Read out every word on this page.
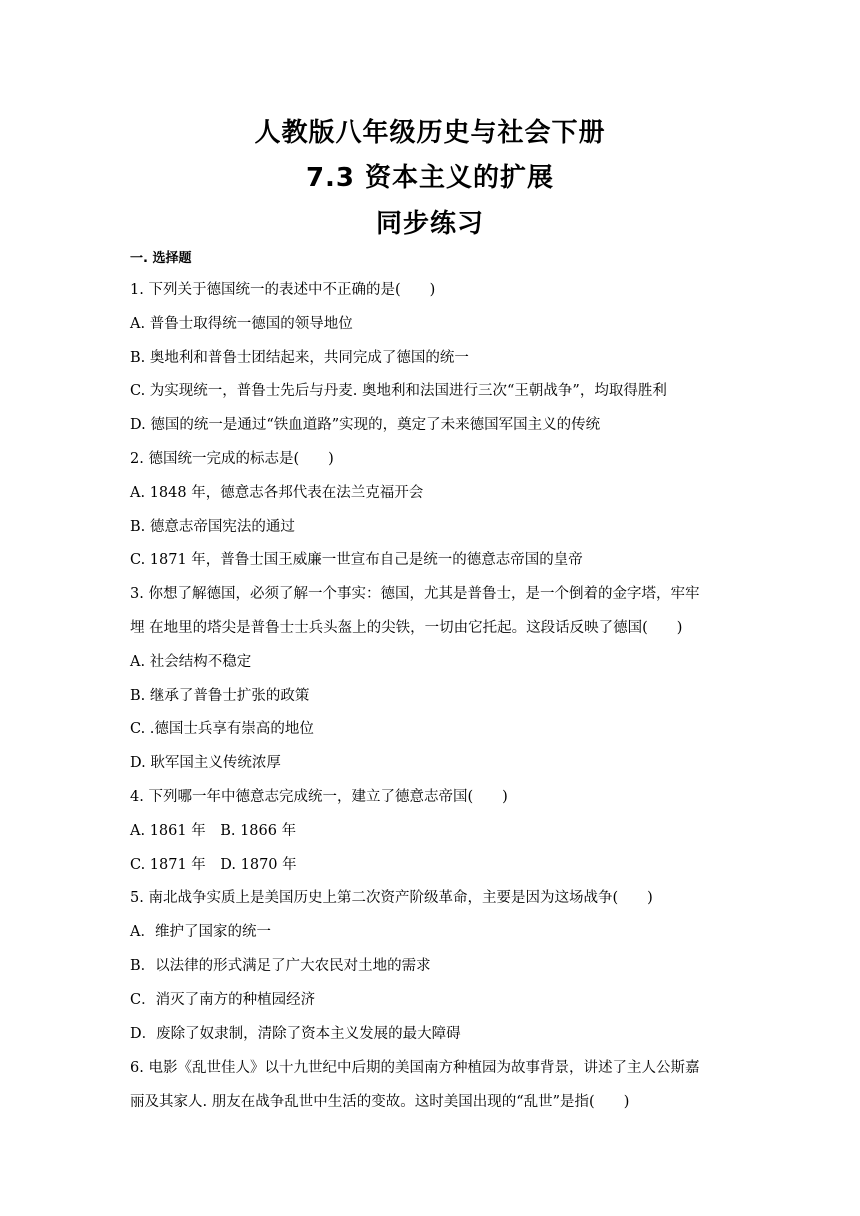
人教版八年级历史与社会下册
7.3 资本主义的扩展
同步练习
一. 选择题
1. 下列关于德国统一的表述中不正确的是(　　)
A. 普鲁士取得统一德国的领导地位
B. 奥地利和普鲁士团结起来，共同完成了德国的统一
C. 为实现统一，普鲁士先后与丹麦. 奥地利和法国进行三次“王朝战争”，均取得胜利
D. 德国的统一是通过“铁血道路”实现的，奠定了未来德国军国主义的传统
2. 德国统一完成的标志是(　　)
A. 1848 年，德意志各邦代表在法兰克福开会
B. 德意志帝国宪法的通过
C. 1871 年，普鲁士国王威廉一世宣布自己是统一的德意志帝国的皇帝
3. 你想了解德国，必须了解一个事实：德国，尤其是普鲁士，是一个倒着的金字塔，牢牢
埋 在地里的塔尖是普鲁士士兵头盔上的尖铁，一切由它托起。这段话反映了德国(　　)
A. 社会结构不稳定
B. 继承了普鲁士扩张的政策
C. .德国士兵享有崇高的地位
D. 耿军国主义传统浓厚
4. 下列哪一年中德意志完成统一，建立了德意志帝国(　　)
A. 1861 年　B. 1866 年
C. 1871 年　D. 1870 年
5. 南北战争实质上是美国历史上第二次资产阶级革命，主要是因为这场战争(　　)
A．维护了国家的统一
B．以法律的形式满足了广大农民对土地的需求
C．消灭了南方的种植园经济
D．废除了奴隶制，清除了资本主义发展的最大障碍
6. 电影《乱世佳人》以十九世纪中后期的美国南方种植园为故事背景，讲述了主人公斯嘉
丽及其家人. 朋友在战争乱世中生活的变故。这时美国出现的“乱世”是指(　　)
